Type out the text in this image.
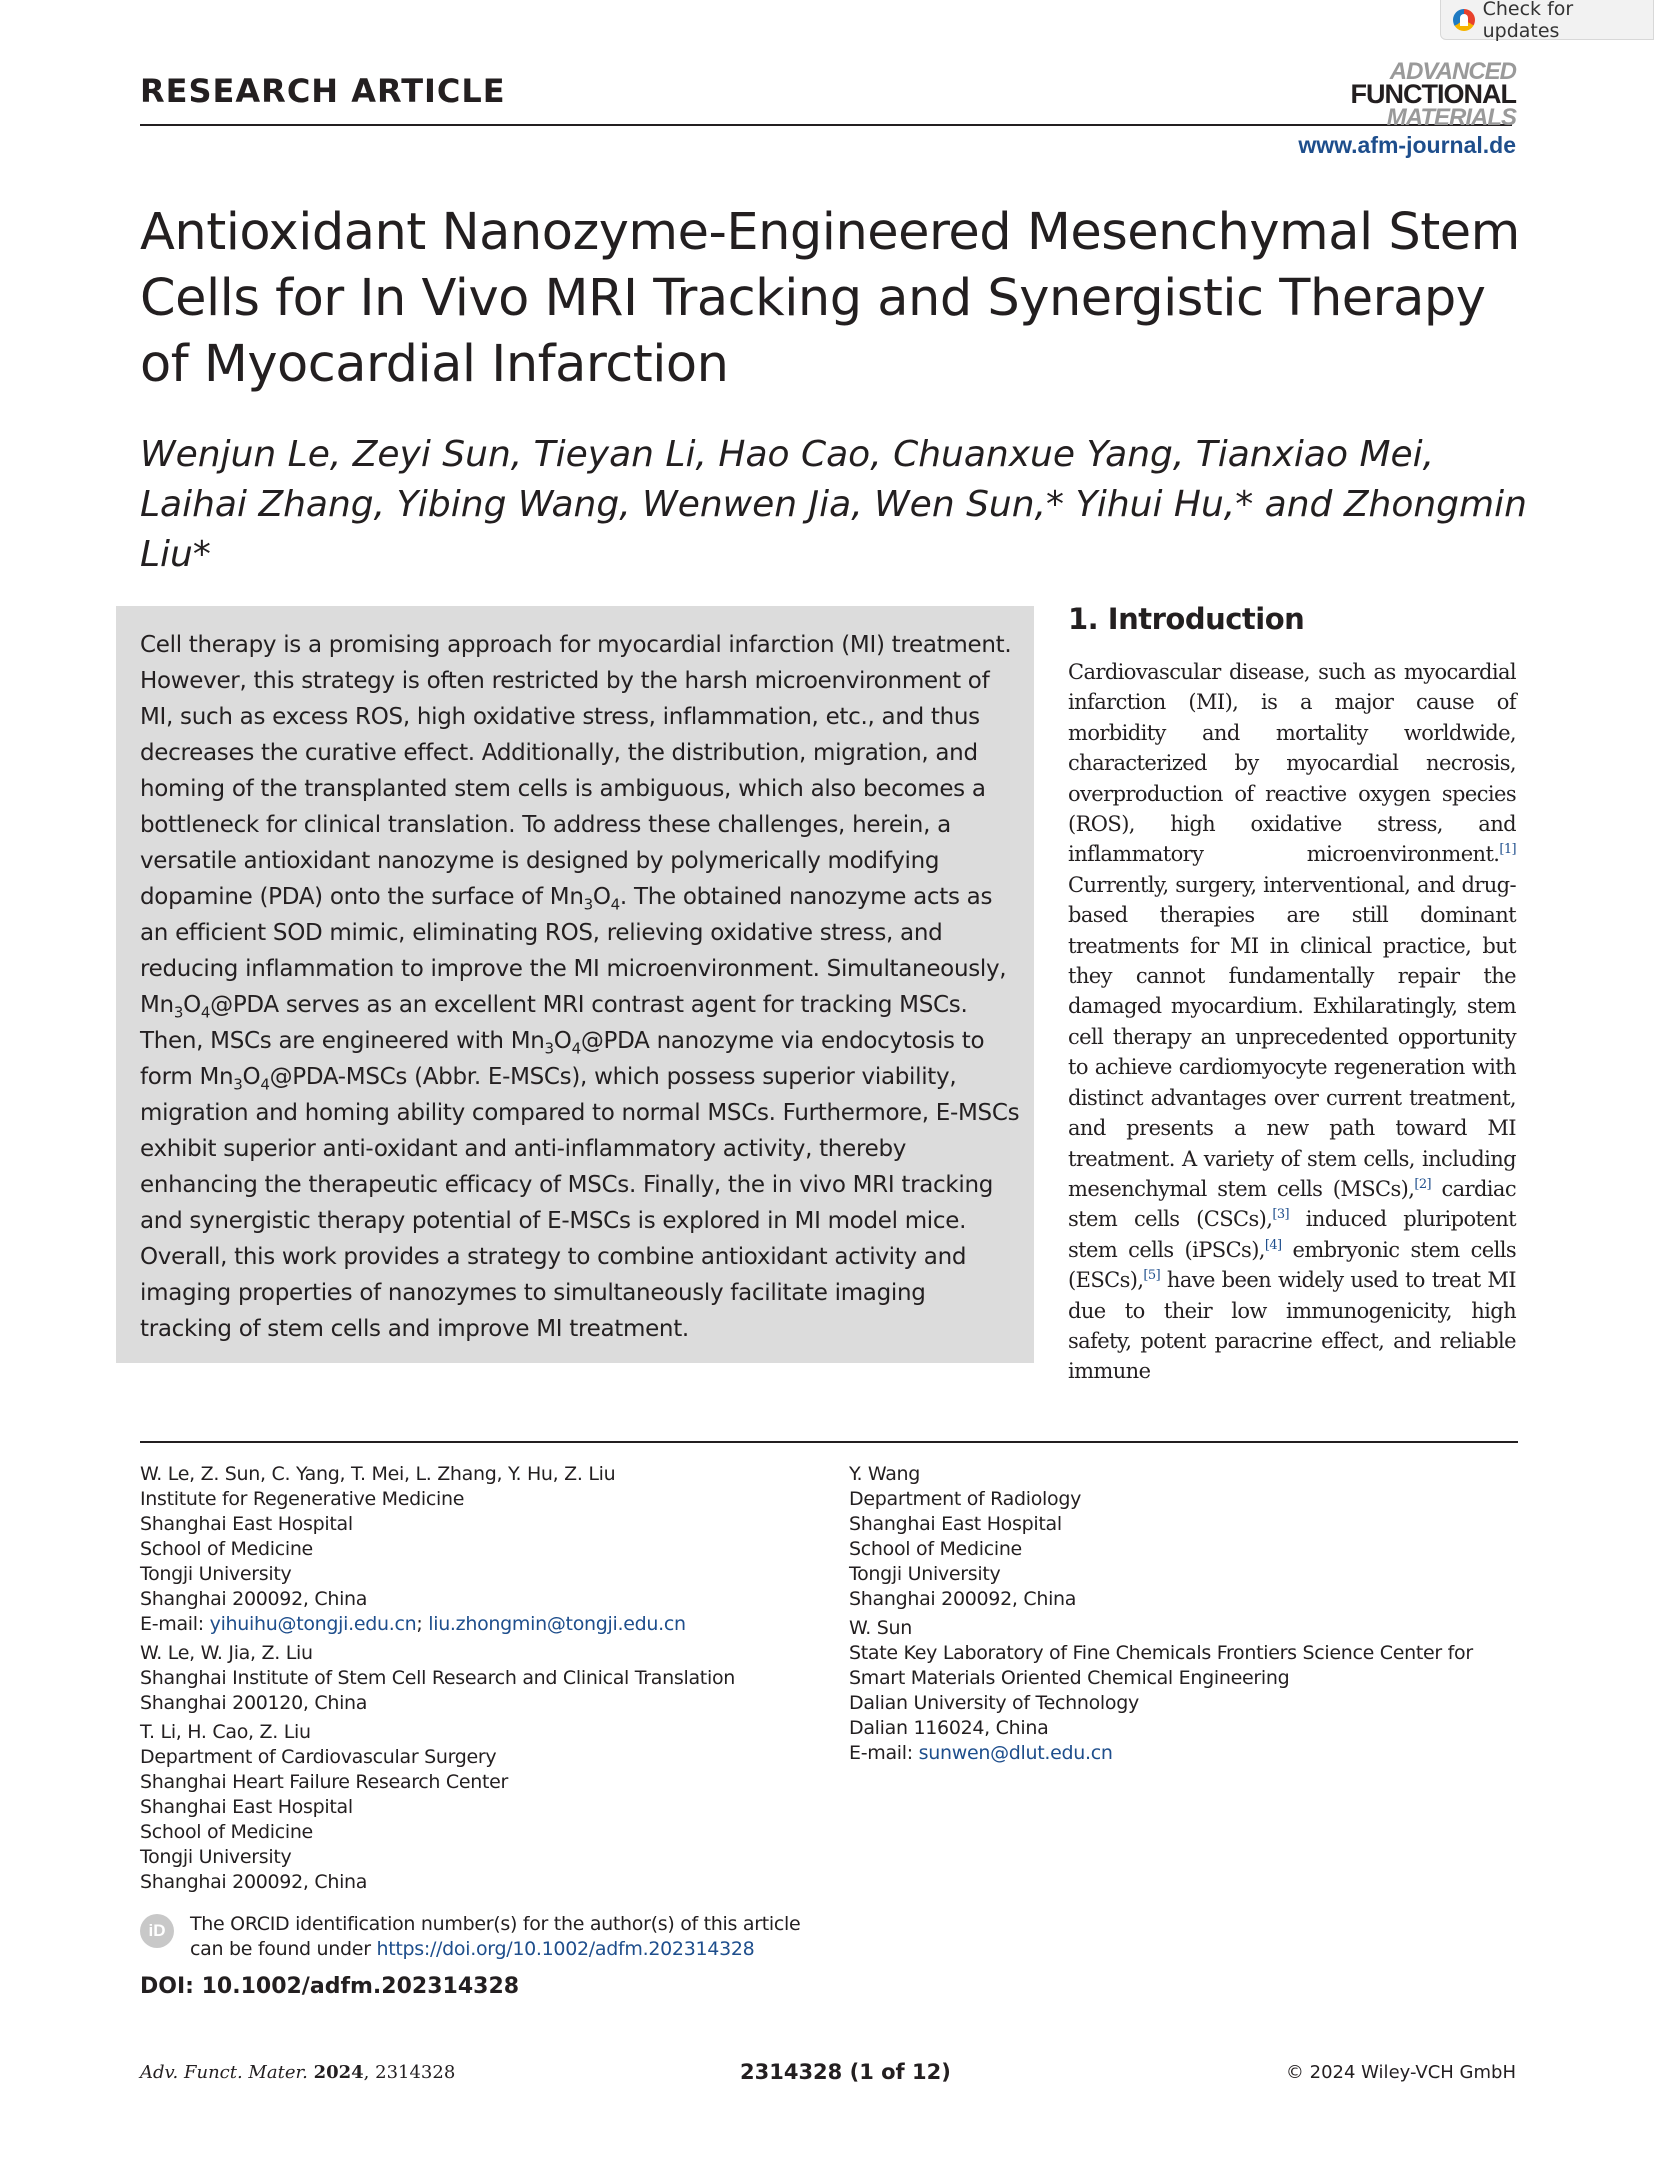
Check for updates
RESEARCH ARTICLE
ADVANCED
FUNCTIONAL
MATERIALS
www.afm-journal.de
Antioxidant Nanozyme-Engineered Mesenchymal Stem Cells for In Vivo MRI Tracking and Synergistic Therapy of Myocardial Infarction
Wenjun Le, Zeyi Sun, Tieyan Li, Hao Cao, Chuanxue Yang, Tianxiao Mei, Laihai Zhang, Yibing Wang, Wenwen Jia, Wen Sun,* Yihui Hu,* and Zhongmin Liu*
Cell therapy is a promising approach for myocardial infarction (MI) treatment. However, this strategy is often restricted by the harsh microenvironment of MI, such as excess ROS, high oxidative stress, inflammation, etc., and thus decreases the curative effect. Additionally, the distribution, migration, and homing of the transplanted stem cells is ambiguous, which also becomes a bottleneck for clinical translation. To address these challenges, herein, a versatile antioxidant nanozyme is designed by polymerically modifying dopamine (PDA) onto the surface of $Mn_3O_4$. The obtained nanozyme acts as an efficient SOD mimic, eliminating ROS, relieving oxidative stress, and reducing inflammation to improve the MI microenvironment. Simultaneously, $Mn_3O_4@PDA$ serves as an excellent MRI contrast agent for tracking MSCs. Then, MSCs are engineered with $Mn_3O_4@PDA$ nanozyme via endocytosis to form $Mn_3O_4@PDA$-MSCs (Abbr. E-MSCs), which possess superior viability, migration and homing ability compared to normal MSCs. Furthermore, E-MSCs exhibit superior anti-oxidant and anti-inflammatory activity, thereby enhancing the therapeutic efficacy of MSCs. Finally, the in vivo MRI tracking and synergistic therapy potential of E-MSCs is explored in MI model mice. Overall, this work provides a strategy to combine antioxidant activity and imaging properties of nanozymes to simultaneously facilitate imaging tracking of stem cells and improve MI treatment.
1. Introduction
Cardiovascular disease, such as myocardial infarction (MI), is a major cause of morbidity and mortality worldwide, characterized by myocardial necrosis, overproduction of reactive oxygen species (ROS), high oxidative stress, and inflammatory microenvironment.[1] Currently, surgery, interventional, and drug-based therapies are still dominant treatments for MI in clinical practice, but they cannot fundamentally repair the damaged myocardium. Exhilaratingly, stem cell therapy an unprecedented opportunity to achieve cardiomyocyte regeneration with distinct advantages over current treatment, and presents a new path toward MI treatment. A variety of stem cells, including mesenchymal stem cells (MSCs),[2] cardiac stem cells (CSCs),[3] induced pluripotent stem cells (iPSCs),[4] embryonic stem cells (ESCs),[5] have been widely used to treat MI due to their low immunogenicity, high safety, potent paracrine effect, and reliable immune
W. Le, Z. Sun, C. Yang, T. Mei, L. Zhang, Y. Hu, Z. Liu
Institute for Regenerative Medicine
Shanghai East Hospital
School of Medicine
Tongji University
Shanghai 200092, China
E-mail: yihuihu@tongji.edu.cn; liu.zhongmin@tongji.edu.cn
W. Le, W. Jia, Z. Liu
Shanghai Institute of Stem Cell Research and Clinical Translation
Shanghai 200120, China
T. Li, H. Cao, Z. Liu
Department of Cardiovascular Surgery
Shanghai Heart Failure Research Center
Shanghai East Hospital
School of Medicine
Tongji University
Shanghai 200092, China
Y. Wang
Department of Radiology
Shanghai East Hospital
School of Medicine
Tongji University
Shanghai 200092, China
W. Sun
State Key Laboratory of Fine Chemicals Frontiers Science Center for
Smart Materials Oriented Chemical Engineering
Dalian University of Technology
Dalian 116024, China
E-mail: sunwen@dlut.edu.cn
iD	The ORCID identification number(s) for the author(s) of this article
can be found under https://doi.org/10.1002/adfm.202314328
DOI: 10.1002/adfm.202314328
Adv. Funct. Mater. 2024, 2314328	2314328 (1 of 12)	© 2024 Wiley-VCH GmbH
